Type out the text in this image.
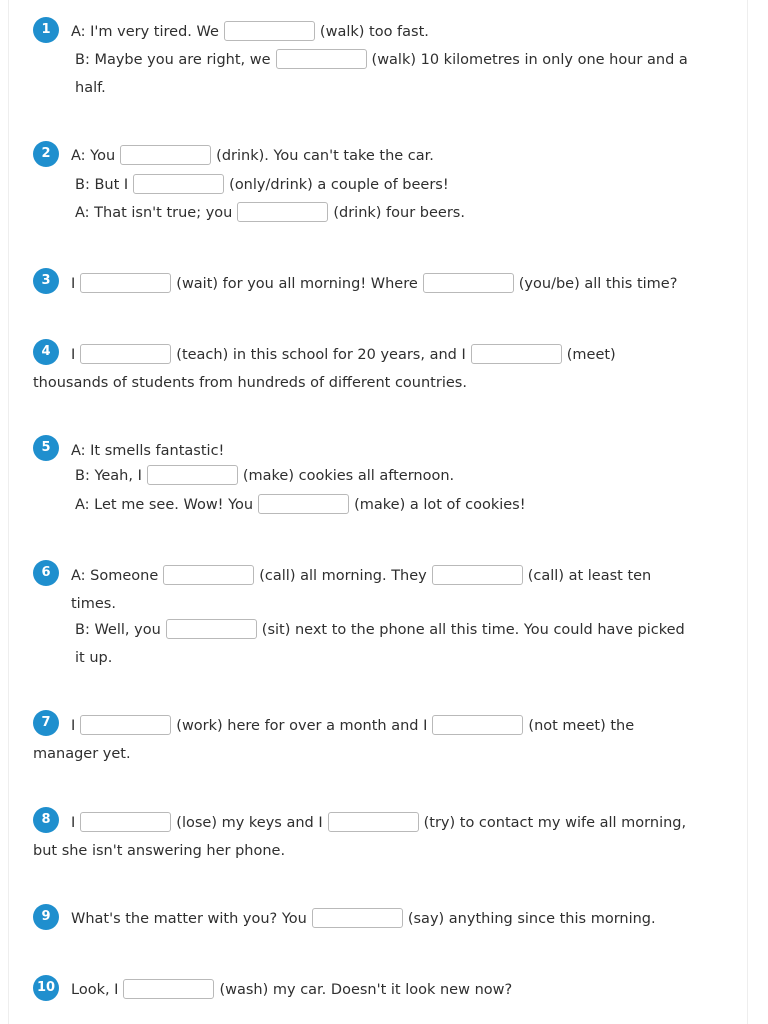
1	A: I'm very tired. We	(walk) too fast.
B: Maybe you are right, we	(walk) 10 kilometres in only one hour and a
half.
2	A: You	(drink). You can't take the car.
B: But I	(only/drink) a couple of beers!
A: That isn't true; you	(drink) four beers.
3	I	(wait) for you all morning! Where	(you/be) all this time?
4	I	(teach) in this school for 20 years, and I	(meet)
thousands of students from hundreds of different countries.
5	A: It smells fantastic!
B: Yeah, I	(make) cookies all afternoon.
A: Let me see. Wow! You	(make) a lot of cookies!
6	A: Someone	(call) all morning. They	(call) at least ten
times.
B: Well, you	(sit) next to the phone all this time. You could have picked
it up.
7	I	(work) here for over a month and I	(not meet) the
manager yet.
8	I	(lose) my keys and I	(try) to contact my wife all morning,
but she isn't answering her phone.
9	What's the matter with you? You	(say) anything since this morning.
10 Look, I	(wash) my car. Doesn't it look new now?
